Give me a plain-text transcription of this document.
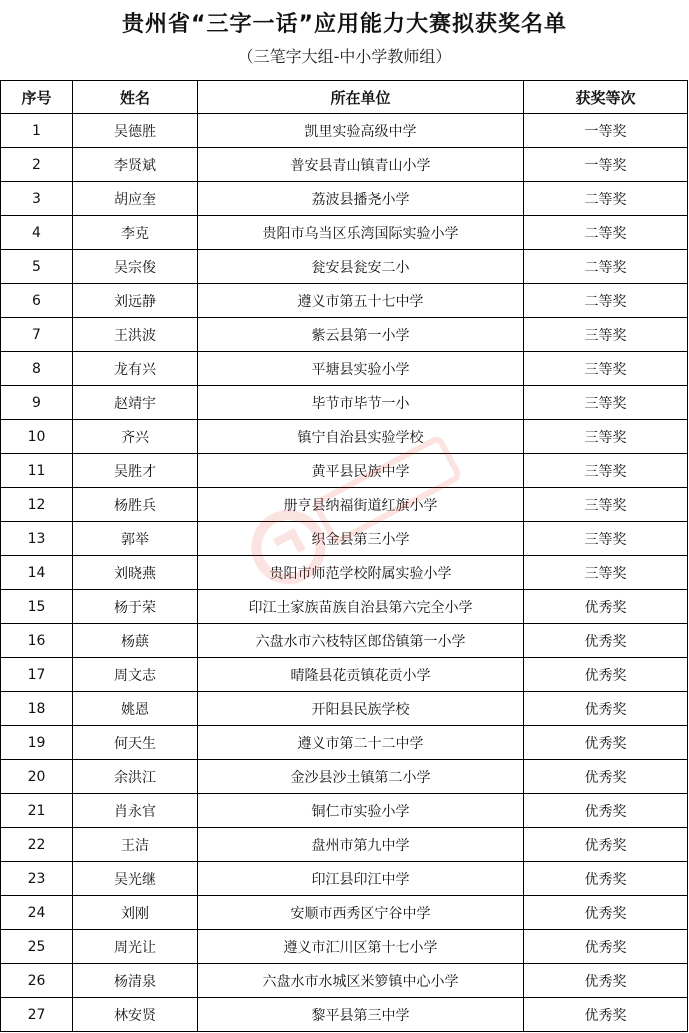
贵州省“三字一话”应用能力大赛拟获奖名单
（三笔字大组-中小学教师组）
序号	姓名	所在单位	获奖等次
1	吴德胜	凯里实验高级中学	一等奖
2	李贤斌	普安县青山镇青山小学	一等奖
3	胡应奎	荔波县播尧小学	二等奖
4	李克	贵阳市乌当区乐湾国际实验小学	二等奖
5	吴宗俊	瓮安县瓮安二小	二等奖
6	刘远静	遵义市第五十七中学	二等奖
7	王洪波	紫云县第一小学	三等奖
8	龙有兴	平塘县实验小学	三等奖
9	赵靖宇	毕节市毕节一小	三等奖
10	齐兴	镇宁自治县实验学校	三等奖
11	吴胜才	黄平县民族中学	三等奖
12	杨胜兵	册亨县纳福街道红旗小学	三等奖
13	郭举	织金县第三小学	三等奖
14	刘晓燕	贵阳市师范学校附属实验小学	三等奖
15	杨于荣	印江土家族苗族自治县第六完全小学	优秀奖
16	杨蕻	六盘水市六枝特区郎岱镇第一小学	优秀奖
17	周文志	晴隆县花贡镇花贡小学	优秀奖
18	姚恩	开阳县民族学校	优秀奖
19	何天生	遵义市第二十二中学	优秀奖
20	余洪江	金沙县沙土镇第二小学	优秀奖
21	肖永官	铜仁市实验小学	优秀奖
22	王洁	盘州市第九中学	优秀奖
23	吴光继	印江县印江中学	优秀奖
24	刘刚	安顺市西秀区宁谷中学	优秀奖
25	周光让	遵义市汇川区第十七小学	优秀奖
26	杨清泉	六盘水市水城区米箩镇中心小学	优秀奖
27	林安贤	黎平县第三中学	优秀奖
